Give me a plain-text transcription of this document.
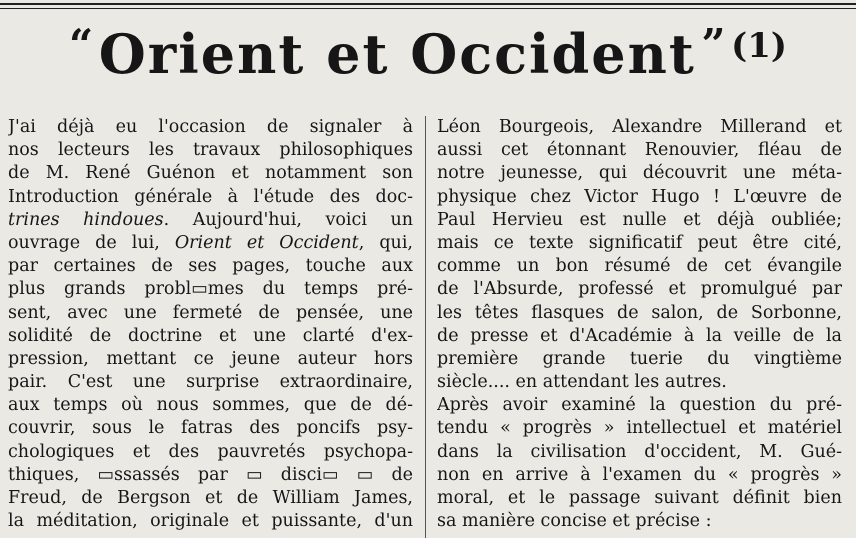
“ Orient et Occident ” (1)
J'ai déjà eu l'occasion de signaler à
nos lecteurs les travaux philosophiques
de M. René Guénon et notamment son
Introduction générale à l'étude des doc-
trines hindoues. Aujourd'hui, voici un
ouvrage de lui, Orient et Occident, qui,
par certaines de ses pages, touche aux
plus grands probl▭mes du temps pré-
sent, avec une fermeté de pensée, une
solidité de doctrine et une clarté d'ex-
pression, mettant ce jeune auteur hors
pair. C'est une surprise extraordinaire,
aux temps où nous sommes, que de dé-
couvrir, sous le fatras des poncifs psy-
chologiques et des pauvretés psychopa-
thiques, ▭ssassés par ▭ disci▭ ▭ de
Freud, de Bergson et de William James,
la méditation, originale et puissante, d'un
Léon Bourgeois, Alexandre Millerand et
aussi cet étonnant Renouvier, fléau de
notre jeunesse, qui découvrit une méta-
physique chez Victor Hugo ! L'œuvre de
Paul Hervieu est nulle et déjà oubliée;
mais ce texte significatif peut être cité,
comme un bon résumé de cet évangile
de l'Absurde, professé et promulgué par
les têtes flasques de salon, de Sorbonne,
de presse et d'Académie à la veille de la
première grande tuerie du vingtième
siècle.... en attendant les autres.
Après avoir examiné la question du pré-
tendu « progrès » intellectuel et matériel
dans la civilisation d'occident, M. Gué-
non en arrive à l'examen du « progrès »
moral, et le passage suivant définit bien
sa manière concise et précise :
